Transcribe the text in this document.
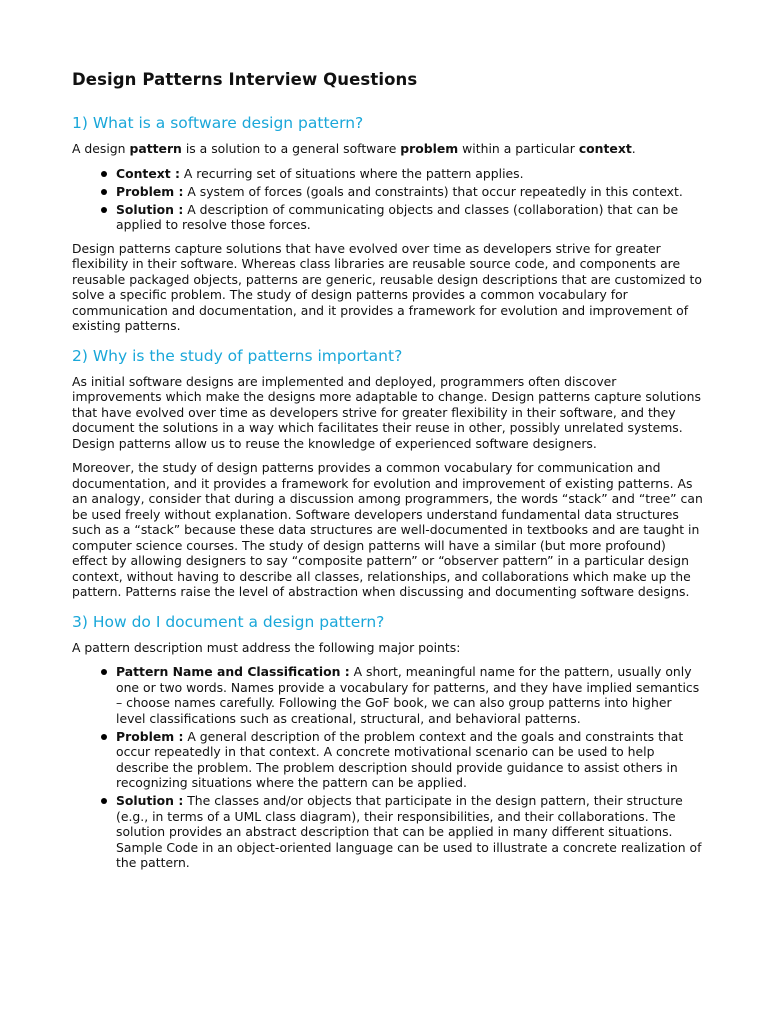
Design Patterns Interview Questions
1) What is a software design pattern?

A design pattern is a solution to a general software problem within a particular context.

Context : A recurring set of situations where the pattern applies.
Problem : A system of forces (goals and constraints) that occur repeatedly in this context.
Solution : A description of communicating objects and classes (collaboration) that can be applied to resolve those forces.

Design patterns capture solutions that have evolved over time as developers strive for greater flexibility in their software. Whereas class libraries are reusable source code, and components are reusable packaged objects, patterns are generic, reusable design descriptions that are customized to solve a specific problem. The study of design patterns provides a common vocabulary for communication and documentation, and it provides a framework for evolution and improvement of existing patterns.

2) Why is the study of patterns important?

As initial software designs are implemented and deployed, programmers often discover improvements which make the designs more adaptable to change. Design patterns capture solutions that have evolved over time as developers strive for greater flexibility in their software, and they document the solutions in a way which facilitates their reuse in other, possibly unrelated systems. Design patterns allow us to reuse the knowledge of experienced software designers.

Moreover, the study of design patterns provides a common vocabulary for communication and documentation, and it provides a framework for evolution and improvement of existing patterns. As an analogy, consider that during a discussion among programmers, the words “stack” and “tree” can be used freely without explanation. Software developers understand fundamental data structures such as a “stack” because these data structures are well-documented in textbooks and are taught in computer science courses. The study of design patterns will have a similar (but more profound) effect by allowing designers to say “composite pattern” or “observer pattern” in a particular design context, without having to describe all classes, relationships, and collaborations which make up the pattern. Patterns raise the level of abstraction when discussing and documenting software designs.

3) How do I document a design pattern?

A pattern description must address the following major points:

Pattern Name and Classification : A short, meaningful name for the pattern, usually only one or two words. Names provide a vocabulary for patterns, and they have implied semantics – choose names carefully. Following the GoF book, we can also group patterns into higher level classifications such as creational, structural, and behavioral patterns.
Problem : A general description of the problem context and the goals and constraints that occur repeatedly in that context. A concrete motivational scenario can be used to help describe the problem. The problem description should provide guidance to assist others in recognizing situations where the pattern can be applied.
Solution : The classes and/or objects that participate in the design pattern, their structure (e.g., in terms of a UML class diagram), their responsibilities, and their collaborations. The solution provides an abstract description that can be applied in many different situations. Sample Code in an object-oriented language can be used to illustrate a concrete realization of the pattern.
